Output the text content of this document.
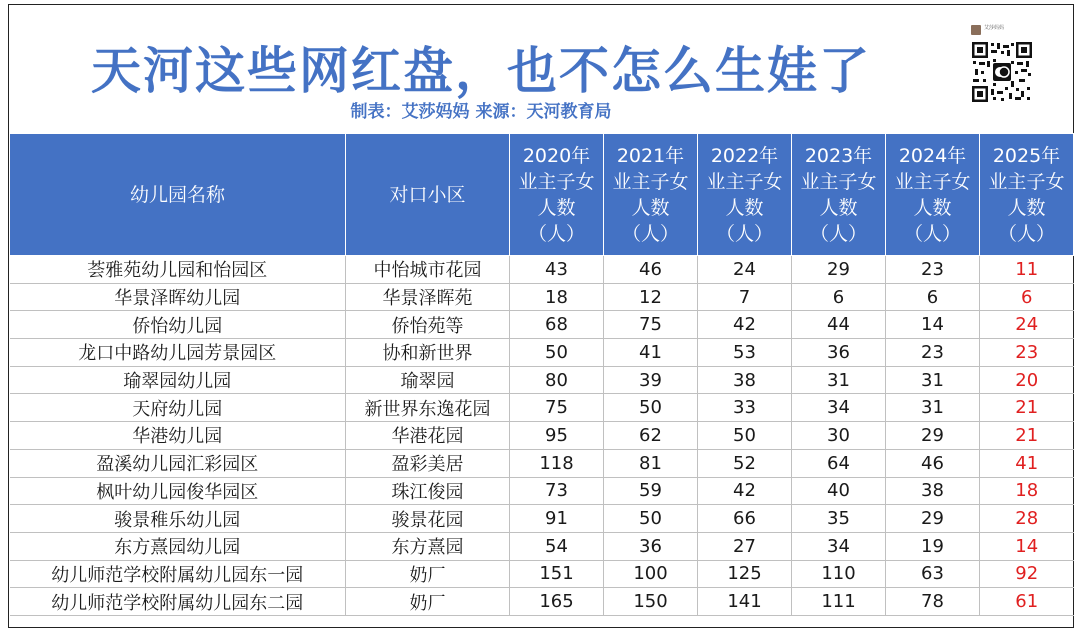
天河这些网红盘，也不怎么生娃了
制表：艾莎妈妈 来源：天河教育局
艾莎妈妈
幼儿园名称	对口小区	2020年
业主子女
人数
（人）	2021年
业主子女
人数
（人）	2022年
业主子女
人数
（人）	2023年
业主子女
人数
（人）	2024年
业主子女
人数
（人）	2025年
业主子女
人数
（人）
荟雅苑幼儿园和怡园区	中怡城市花园	43	46	24	29	23	11
华景泽晖幼儿园	华景泽晖苑	18	12	7	6	6	6
侨怡幼儿园	侨怡苑等	68	75	42	44	14	24
龙口中路幼儿园芳景园区	协和新世界	50	41	53	36	23	23
瑜翠园幼儿园	瑜翠园	80	39	38	31	31	20
天府幼儿园	新世界东逸花园	75	50	33	34	31	21
华港幼儿园	华港花园	95	62	50	30	29	21
盈溪幼儿园汇彩园区	盈彩美居	118	81	52	64	46	41
枫叶幼儿园俊华园区	珠江俊园	73	59	42	40	38	18
骏景稚乐幼儿园	骏景花园	91	50	66	35	29	28
东方熹园幼儿园	东方熹园	54	36	27	34	19	14
幼儿师范学校附属幼儿园东一园	奶厂	151	100	125	110	63	92
幼儿师范学校附属幼儿园东二园	奶厂	165	150	141	111	78	61
